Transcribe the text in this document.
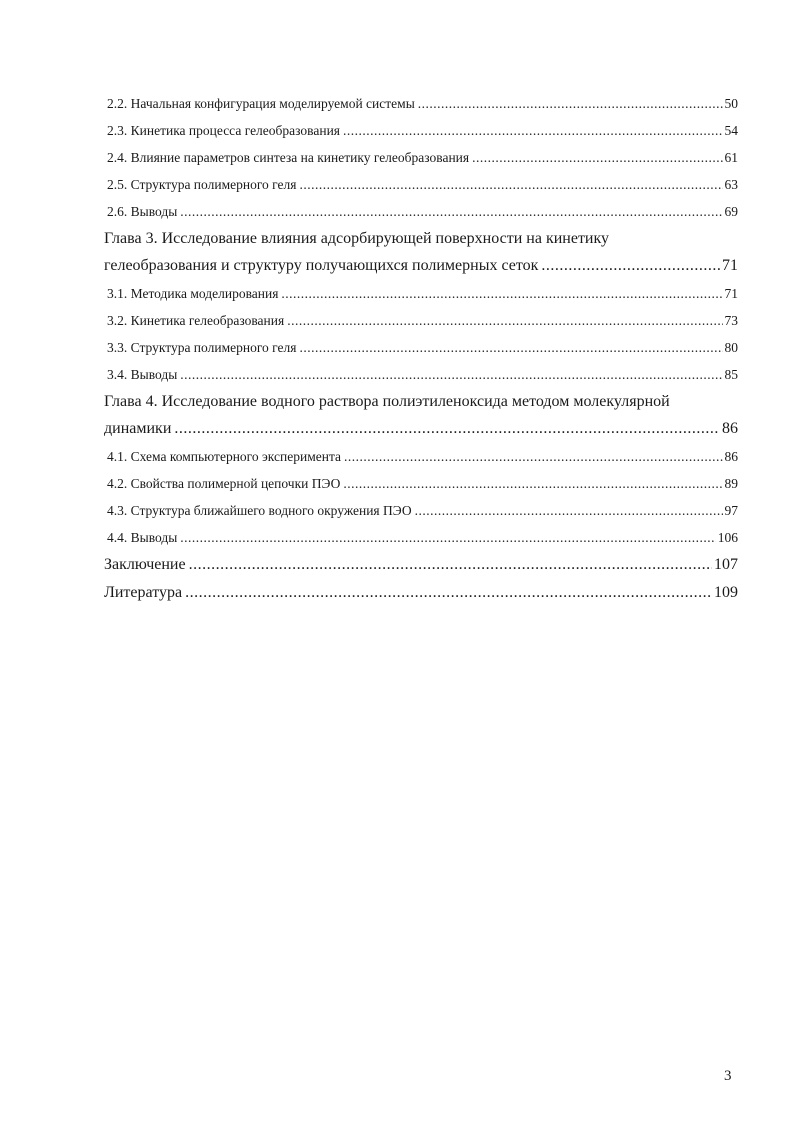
2.2. Начальная конфигурация моделируемой системы .....	50
2.3. Кинетика процесса гелеобразования .....	54
2.4. Влияние параметров синтеза на кинетику гелеобразования .....	61
2.5. Структура полимерного геля .....	63
2.6. Выводы .....	69
Глава 3. Исследование влияния адсорбирующей поверхности на кинетику
гелеобразования и структуру получающихся полимерных сеток .....	71
3.1. Методика моделирования .....	71
3.2. Кинетика гелеобразования .....	73
3.3. Структура полимерного геля .....	80
3.4. Выводы .....	85
Глава 4. Исследование водного раствора полиэтиленоксида методом молекулярной
динамики .....	86
4.1. Схема компьютерного эксперимента .....	86
4.2. Свойства полимерной цепочки ПЭО .....	89
4.3. Структура ближайшего водного окружения ПЭО .....	97
4.4. Выводы .....	106
Заключение .....	107
Литература .....	109
3
